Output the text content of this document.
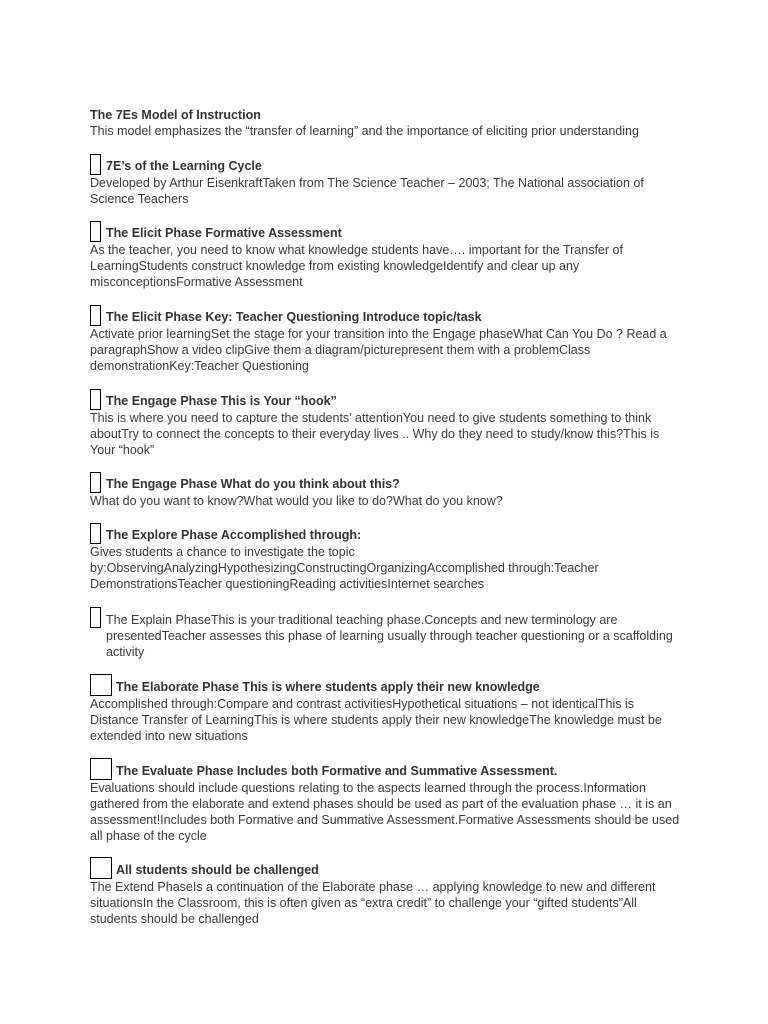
The 7Es Model of Instruction

This model emphasizes the “transfer of learning” and the importance of eliciting prior understanding

7E’s of the Learning Cycle

Developed by Arthur EisenkraftTaken from The Science Teacher – 2003; The National association of Science Teachers

The Elicit Phase Formative Assessment

As the teacher, you need to know what knowledge students have…. important for the Transfer of LearningStudents construct knowledge from existing knowledgeIdentify and clear up any misconceptionsFormative Assessment

The Elicit Phase Key: Teacher Questioning Introduce topic/task

Activate prior learningSet the stage for your transition into the Engage phaseWhat Can You Do ? Read a paragraphShow a video clipGive them a diagram/picturepresent them with a problemClass demonstrationKey:Teacher Questioning

The Engage Phase This is Your “hook”

This is where you need to capture the students’ attentionYou need to give students something to think aboutTry to connect the concepts to their everyday lives .. Why do they need to study/know this?This is Your “hook”

The Engage Phase What do you think about this?

What do you want to know?What would you like to do?What do you know?

The Explore Phase Accomplished through:

Gives students a chance to investigate the topic by:ObservingAnalyzingHypothesizingConstructingOrganizingAccomplished through:Teacher DemonstrationsTeacher questioningReading activitiesInternet searches

The Explain PhaseThis is your traditional teaching phase.Concepts and new terminology are presentedTeacher assesses this phase of learning usually through teacher questioning or a scaffolding activity
The Elaborate Phase This is where students apply their new knowledge

Accomplished through:Compare and contrast activitiesHypothetical situations – not identicalThis is Distance Transfer of LearningThis is where students apply their new knowledgeThe knowledge must be extended into new situations

The Evaluate Phase Includes both Formative and Summative Assessment.

Evaluations should include questions relating to the aspects learned through the process.Information gathered from the elaborate and extend phases should be used as part of the evaluation phase … it is an assessment!Includes both Formative and Summative Assessment.Formative Assessments should be used all phase of the cycle

All students should be challenged

The Extend PhaseIs a continuation of the Elaborate phase … applying knowledge to new and different situationsIn the Classroom, this is often given as “extra credit” to challenge your “gifted students”All students should be challenged
